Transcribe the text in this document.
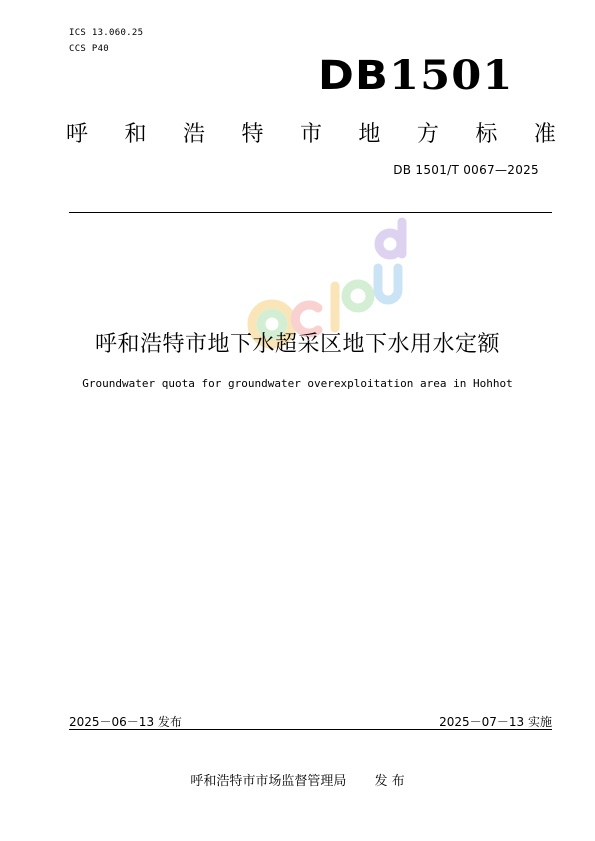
ICS 13.060.25
CCS P40
DB1501
呼 和 浩 特 市 地 方 标 准
DB 1501/T 0067—2025
呼和浩特市地下水超采区地下水用水定额
Groundwater quota for groundwater overexploitation area in Hohhot
2025－06－13 发布	2025－07－13 实施
呼和浩特市市场监督管理局 发 布
